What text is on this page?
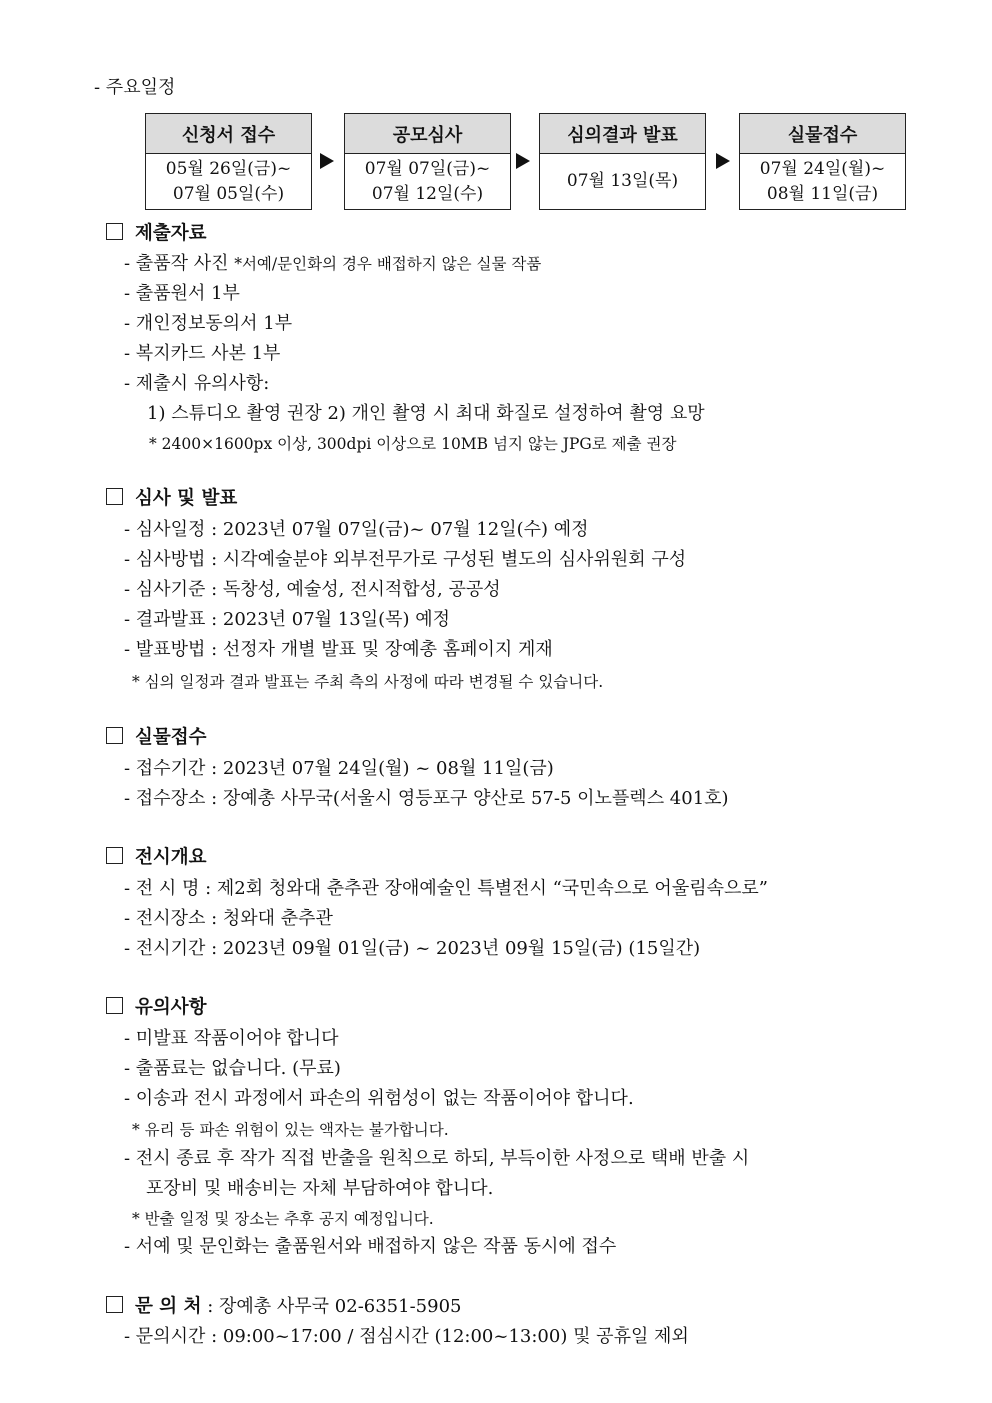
- 주요일정
신청서 접수
05월 26일(금)~
07월 05일(수)
공모심사
07월 07일(금)~
07월 12일(수)
심의결과 발표
07월 13일(목)
실물접수
07월 24일(월)~
08월 11일(금)
제출자료
- 출품작 사진 *서예/문인화의 경우 배접하지 않은 실물 작품
- 출품원서 1부
- 개인정보동의서 1부
- 복지카드 사본 1부
- 제출시 유의사항:
1) 스튜디오 촬영 권장 2) 개인 촬영 시 최대 화질로 설정하여 촬영 요망
* 2400×1600px 이상, 300dpi 이상으로 10MB 넘지 않는 JPG로 제출 권장
심사 및 발표
- 심사일정 : 2023년 07월 07일(금)~ 07월 12일(수) 예정
- 심사방법 : 시각예술분야 외부전무가로 구성된 별도의 심사위원회 구성
- 심사기준 : 독창성, 예술성, 전시적합성, 공공성
- 결과발표 : 2023년 07월 13일(목) 예정
- 발표방법 : 선정자 개별 발표 및 장예총 홈페이지 게재
* 심의 일정과 결과 발표는 주최 측의 사정에 따라 변경될 수 있습니다.
실물접수
- 접수기간 : 2023년 07월 24일(월) ~ 08월 11일(금)
- 접수장소 : 장예총 사무국(서울시 영등포구 양산로 57-5 이노플렉스 401호)
전시개요
- 전 시 명 : 제2회 청와대 춘추관 장애예술인 특별전시 “국민속으로 어울림속으로”
- 전시장소 : 청와대 춘추관
- 전시기간 : 2023년 09월 01일(금) ~ 2023년 09월 15일(금) (15일간)
유의사항
- 미발표 작품이어야 합니다
- 출품료는 없습니다. (무료)
- 이송과 전시 과정에서 파손의 위험성이 없는 작품이어야 합니다.
* 유리 등 파손 위험이 있는 액자는 불가합니다.
- 전시 종료 후 작가 직접 반출을 원칙으로 하되, 부득이한 사정으로 택배 반출 시
포장비 및 배송비는 자체 부담하여야 합니다.
* 반출 일정 및 장소는 추후 공지 예정입니다.
- 서예 및 문인화는 출품원서와 배접하지 않은 작품 동시에 접수
문 의 처 : 장예총 사무국 02-6351-5905
- 문의시간 : 09:00~17:00 / 점심시간 (12:00~13:00) 및 공휴일 제외
